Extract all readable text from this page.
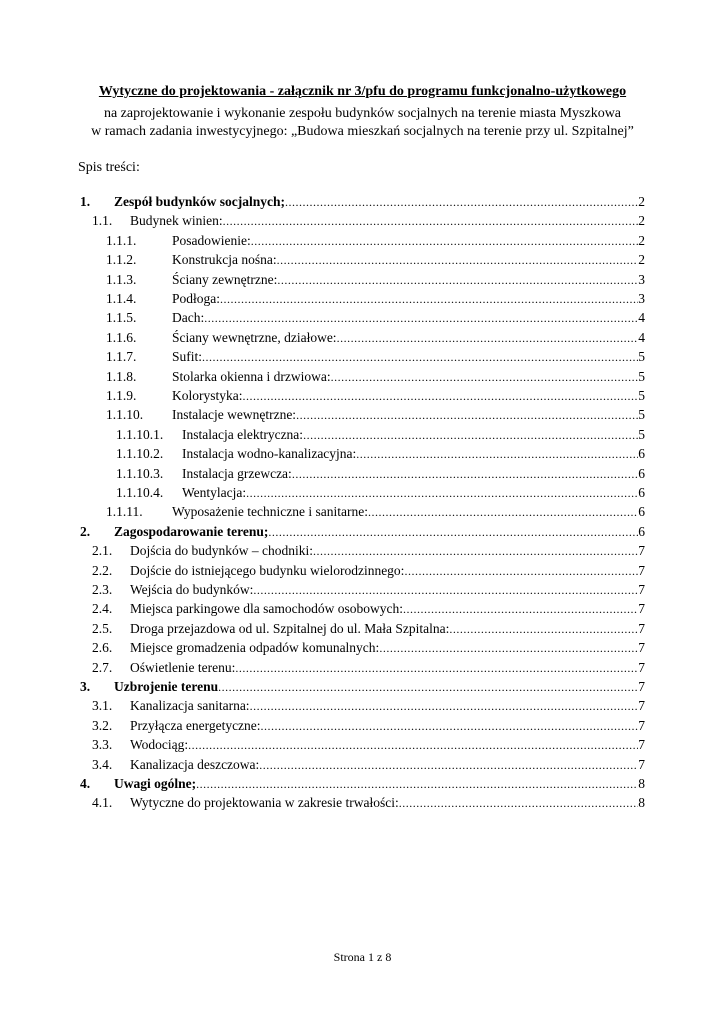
Wytyczne do projektowania - załącznik nr 3/pfu do programu funkcjonalno-użytkowego
na zaprojektowanie i wykonanie zespołu budynków socjalnych na terenie miasta Myszkowa
w ramach zadania inwestycyjnego: „Budowa mieszkań socjalnych na terenie przy ul. Szpitalnej”
Spis treści:
1. Zespół budynków socjalnych; .....	2
1.1. Budynek winien: .....	2
1.1.1.	Posadowienie: .....	2
1.1.2.	Konstrukcja nośna: .....	2
1.1.3.	Ściany zewnętrzne: .....	3
1.1.4.	Podłoga: .....	3
1.1.5.	Dach: .....	4
1.1.6.	Ściany wewnętrzne, działowe: .....	4
1.1.7.	Sufit: .....	5
1.1.8.	Stolarka okienna i drzwiowa: .....	5
1.1.9.	Kolorystyka: .....	5
1.1.10. Instalacje wewnętrzne: .....	5
1.1.10.1. Instalacja elektryczna: .....	5
1.1.10.2. Instalacja wodno-kanalizacyjna: .....	6
1.1.10.3. Instalacja grzewcza: .....	6
1.1.10.4. Wentylacja: .....	6
1.1.11. Wyposażenie techniczne i sanitarne: .....	6
2. Zagospodarowanie terenu; .....	6
2.1. Dojścia do budynków – chodniki: .....	7
2.2. Dojście do istniejącego budynku wielorodzinnego: .....	7
2.3. Wejścia do budynków: .....	7
2.4. Miejsca parkingowe dla samochodów osobowych: .....	7
2.5. Droga przejazdowa od ul. Szpitalnej do ul. Mała Szpitalna: .....	7
2.6. Miejsce gromadzenia odpadów komunalnych: .....	7
2.7. Oświetlenie terenu: .....	7
3. Uzbrojenie terenu .....	7
3.1. Kanalizacja sanitarna: .....	7
3.2. Przyłącza energetyczne: .....	7
3.3. Wodociąg: .....	7
3.4. Kanalizacja deszczowa: .....	7
4. Uwagi ogólne; .....	8
4.1. Wytyczne do projektowania w zakresie trwałości: .....	8
Strona 1 z 8
